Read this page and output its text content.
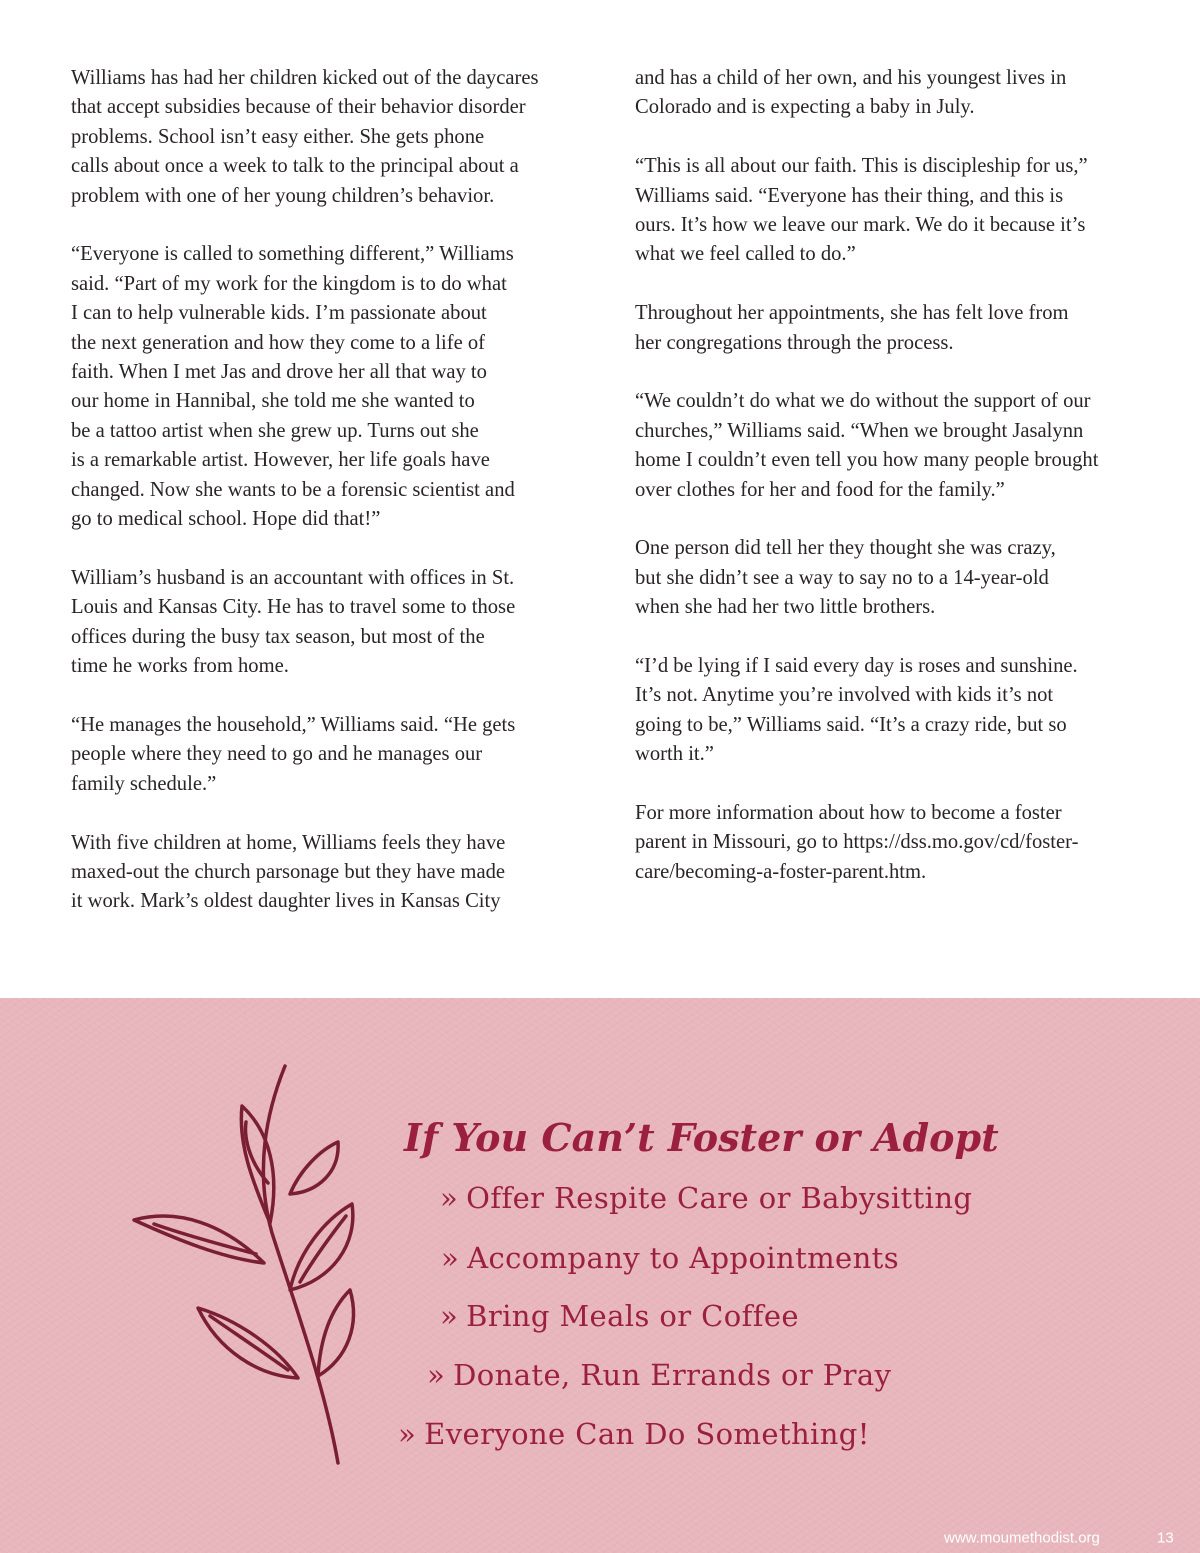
Williams has had her children kicked out of the daycares
that accept subsidies because of their behavior disorder
problems. School isn’t easy either. She gets phone
calls about once a week to talk to the principal about a
problem with one of her young children’s behavior.

“Everyone is called to something different,” Williams
said. “Part of my work for the kingdom is to do what
I can to help vulnerable kids. I’m passionate about
the next generation and how they come to a life of
faith. When I met Jas and drove her all that way to
our home in Hannibal, she told me she wanted to
be a tattoo artist when she grew up. Turns out she
is a remarkable artist. However, her life goals have
changed. Now she wants to be a forensic scientist and
go to medical school. Hope did that!”

William’s husband is an accountant with offices in St.
Louis and Kansas City. He has to travel some to those
offices during the busy tax season, but most of the
time he works from home.

“He manages the household,” Williams said. “He gets
people where they need to go and he manages our
family schedule.”

With five children at home, Williams feels they have
maxed-out the church parsonage but they have made
it work. Mark’s oldest daughter lives in Kansas City

and has a child of her own, and his youngest lives in
Colorado and is expecting a baby in July.

“This is all about our faith. This is discipleship for us,”
Williams said. “Everyone has their thing, and this is
ours. It’s how we leave our mark. We do it because it’s
what we feel called to do.”

Throughout her appointments, she has felt love from
her congregations through the process.

“We couldn’t do what we do without the support of our
churches,” Williams said. “When we brought Jasalynn
home I couldn’t even tell you how many people brought
over clothes for her and food for the family.”

One person did tell her they thought she was crazy,
but she didn’t see a way to say no to a 14-year-old
when she had her two little brothers.

“I’d be lying if I said every day is roses and sunshine.
It’s not. Anytime you’re involved with kids it’s not
going to be,” Williams said. “It’s a crazy ride, but so
worth it.”

For more information about how to become a foster
parent in Missouri, go to https://dss.mo.gov/cd/foster-
care/becoming-a-foster-parent.htm.

If You Can’t Foster or Adopt
» Offer Respite Care or Babysitting
» Accompany to Appointments
» Bring Meals or Coffee
» Donate, Run Errands or Pray
» Everyone Can Do Something!
www.moumethodist.org	13
